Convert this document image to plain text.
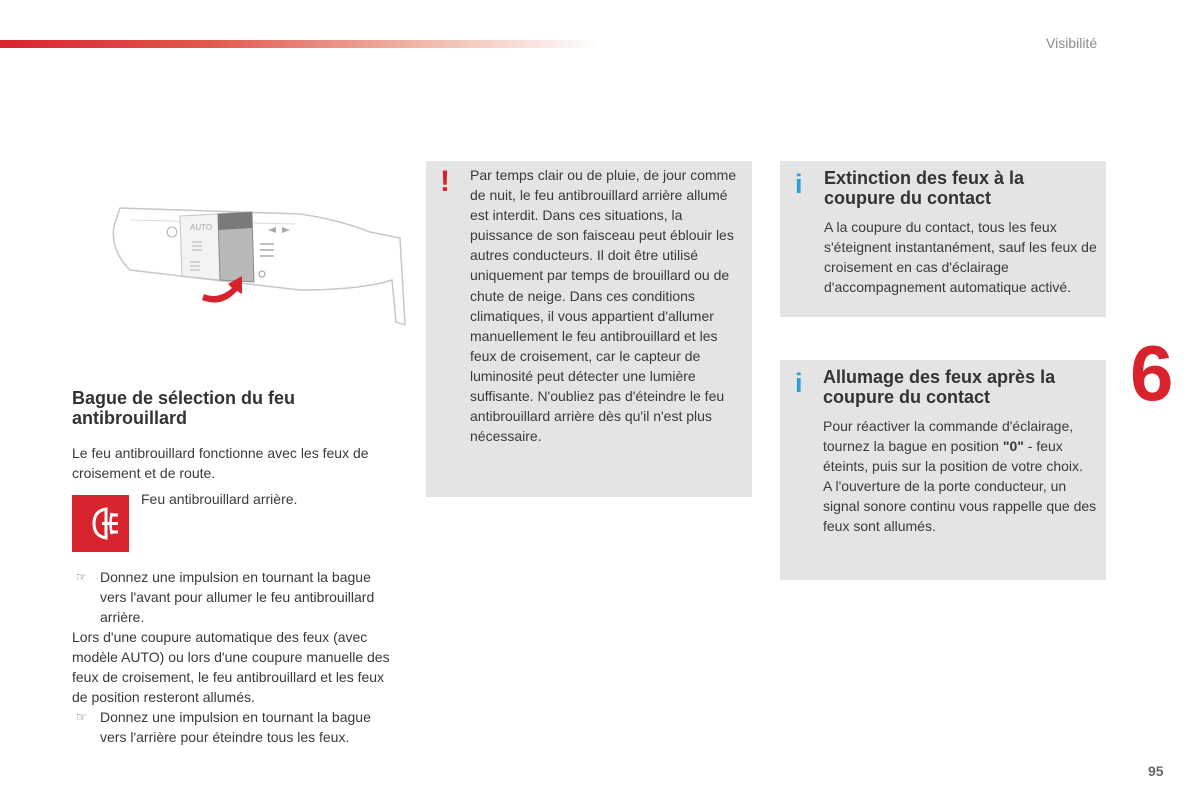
Visibilité
6
95
AUTO
Bague de sélection du feu antibrouillard

Le feu antibrouillard fonctionne avec les feux de croisement et de route.

Feu antibrouillard arrière.
☞ Donnez une impulsion en tournant la bague vers l'avant pour allumer le feu antibrouillard arrière.

Lors d'une coupure automatique des feux (avec modèle AUTO) ou lors d'une coupure manuelle des feux de croisement, le feu antibrouillard et les feux de position resteront allumés.

☞ Donnez une impulsion en tournant la bague vers l'arrière pour éteindre tous les feux.
! Par temps clair ou de pluie, de jour comme de nuit, le feu antibrouillard arrière allumé est interdit. Dans ces situations, la puissance de son faisceau peut éblouir les autres conducteurs. Il doit être utilisé uniquement par temps de brouillard ou de chute de neige. Dans ces conditions climatiques, il vous appartient d'allumer manuellement le feu antibrouillard et les feux de croisement, car le capteur de luminosité peut détecter une lumière suffisante. N'oubliez pas d'éteindre le feu antibrouillard arrière dès qu'il n'est plus nécessaire.

i Extinction des feux à la coupure du contact

A la coupure du contact, tous les feux s'éteignent instantanément, sauf les feux de croisement en cas d'éclairage d'accompagnement automatique activé.

i Allumage des feux après la coupure du contact

Pour réactiver la commande d'éclairage, tournez la bague en position "0" - feux éteints, puis sur la position de votre choix.
A l'ouverture de la porte conducteur, un signal sonore continu vous rappelle que des feux sont allumés.
